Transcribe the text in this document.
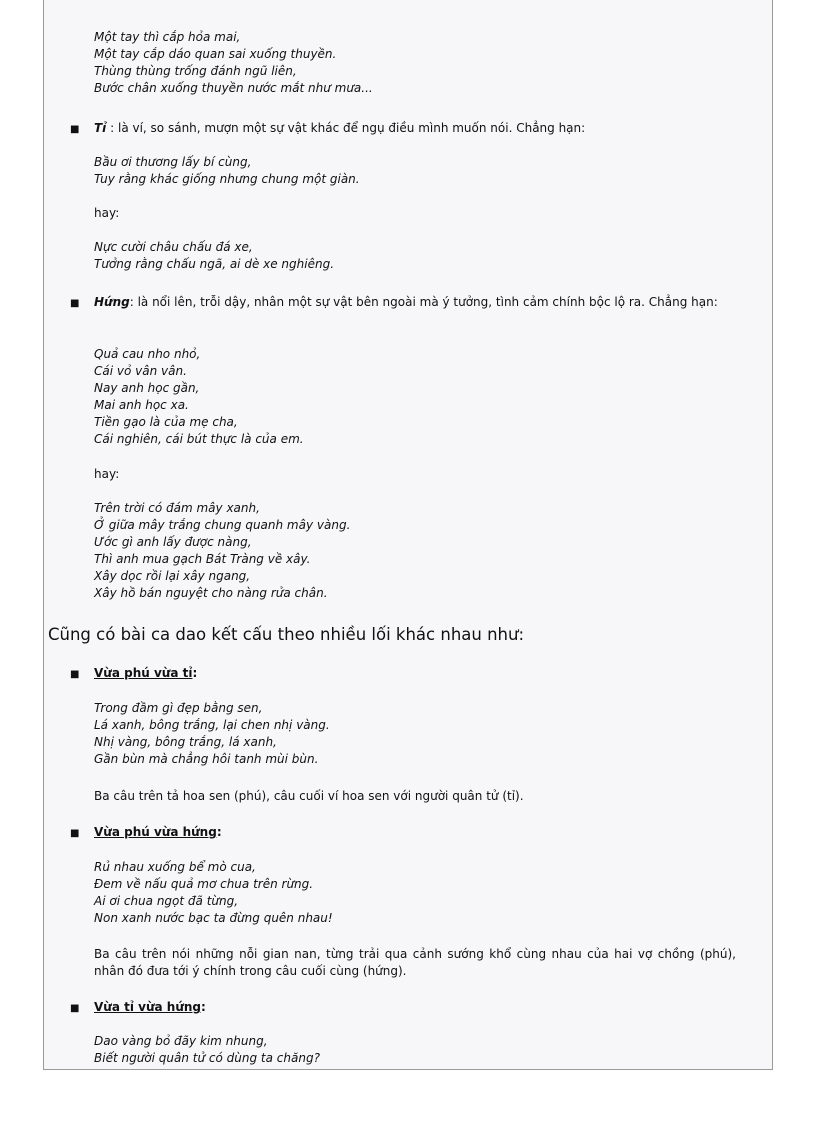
Một tay thì cắp hỏa mai,
Một tay cắp dáo quan sai xuống thuyền.
Thùng thùng trống đánh ngũ liên,
Bước chân xuống thuyền nước mắt như mưa...
■ Tỉ : là ví, so sánh, mượn một sự vật khác để ngụ điều mình muốn nói. Chẳng hạn:
Bầu ơi thương lấy bí cùng,
Tuy rằng khác giống nhưng chung một giàn.
hay:
Nực cười châu chấu đá xe,
Tưởng rằng chấu ngã, ai dè xe nghiêng.
■ Hứng: là nổi lên, trỗi dậy, nhân một sự vật bên ngoài mà ý tưởng, tình cảm chính bộc lộ ra. Chẳng hạn:
Quả cau nho nhỏ,
Cái vỏ vân vân.
Nay anh học gần,
Mai anh học xa.
Tiền gạo là của mẹ cha,
Cái nghiên, cái bút thực là của em.
hay:
Trên trời có đám mây xanh,
Ở giữa mây trắng chung quanh mây vàng.
Ước gì anh lấy được nàng,
Thì anh mua gạch Bát Tràng về xây.
Xây dọc rồi lại xây ngang,
Xây hồ bán nguyệt cho nàng rửa chân.
Cũng có bài ca dao kết cấu theo nhiều lối khác nhau như:
■ Vừa phú vừa tỉ:
Trong đầm gì đẹp bằng sen,
Lá xanh, bông trắng, lại chen nhị vàng.
Nhị vàng, bông trắng, lá xanh,
Gần bùn mà chẳng hôi tanh mùi bùn.
Ba câu trên tả hoa sen (phú), câu cuối ví hoa sen với người quân tử (tỉ).
■ Vừa phú vừa hứng:
Rủ nhau xuống bể mò cua,
Đem về nấu quả mơ chua trên rừng.
Ai ơi chua ngọt đã từng,
Non xanh nước bạc ta đừng quên nhau!
Ba câu trên nói những nỗi gian nan, từng trải qua cảnh sướng khổ cùng nhau của hai vợ chồng (phú), nhân đó đưa tới ý chính trong câu cuối cùng (hứng).
■ Vừa tỉ vừa hứng:
Dao vàng bỏ đãy kim nhung,
Biết người quân tử có dùng ta chăng?
